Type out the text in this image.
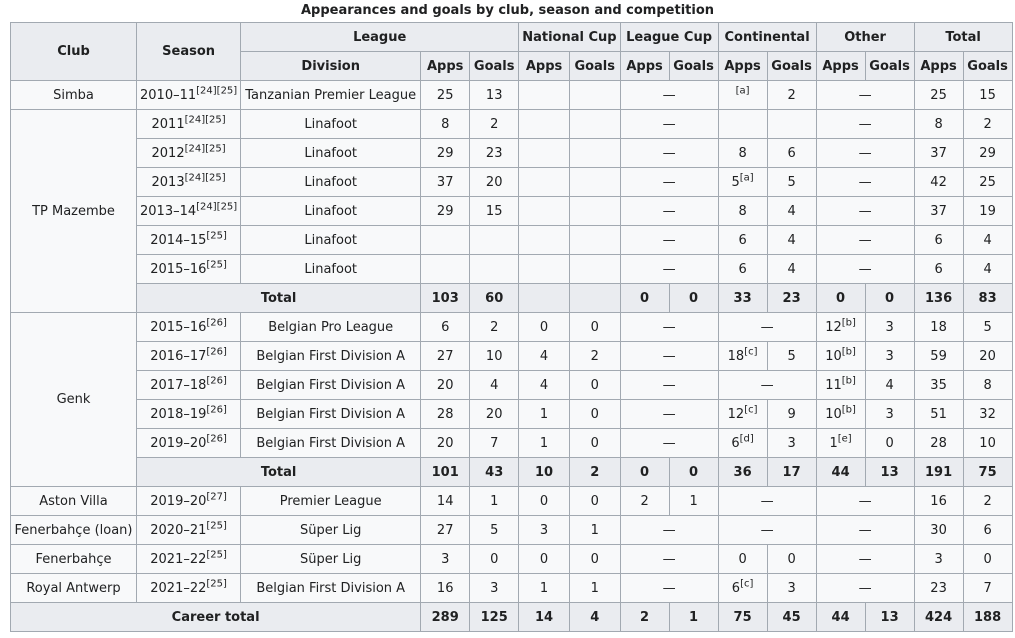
Appearances and goals by club, season and competition
Club	Season	League			National Cup		League Cup		Continental		Other		Total	
		Division	Apps	Goals	Apps	Goals	Apps	Goals	Apps	Goals	Apps	Goals	Apps	Goals
Simba	2010–11[24][25]	Tanzanian Premier League	25	13			—		[a]	2	—		25	15
TP Mazembe	2011[24][25]	Linafoot	8	2			—				—		8	2
	2012[24][25]	Linafoot	29	23			—		8	6	—		37	29
	2013[24][25]	Linafoot	37	20			—		5[a]	5	—		42	25
	2013–14[24][25]	Linafoot	29	15			—		8	4	—		37	19
	2014–15[25]	Linafoot					—		6	4	—		6	4
	2015–16[25]	Linafoot					—		6	4	—		6	4
	Total		103	60			0	0	33	23	0	0	136	83
Genk	2015–16[26]	Belgian Pro League	6	2	0	0	—		—		12[b]	3	18	5
	2016–17[26]	Belgian First Division A	27	10	4	2	—		18[c]	5	10[b]	3	59	20
	2017–18[26]	Belgian First Division A	20	4	4	0	—		—		11[b]	4	35	8
	2018–19[26]	Belgian First Division A	28	20	1	0	—		12[c]	9	10[b]	3	51	32
	2019–20[26]	Belgian First Division A	20	7	1	0	—		6[d]	3	1[e]	0	28	10
	Total		101	43	10	2	0	0	36	17	44	13	191	75
Aston Villa	2019–20[27]	Premier League	14	1	0	0	2	1	—		—		16	2
Fenerbahçe (loan)	2020–21[25]	Süper Lig	27	5	3	1	—		—		—		30	6
Fenerbahçe	2021–22[25]	Süper Lig	3	0	0	0	—		0	0	—		3	0
Royal Antwerp	2021–22[25]	Belgian First Division A	16	3	1	1	—		6[c]	3	—		23	7
Career total			289	125	14	4	2	1	75	45	44	13	424	188
